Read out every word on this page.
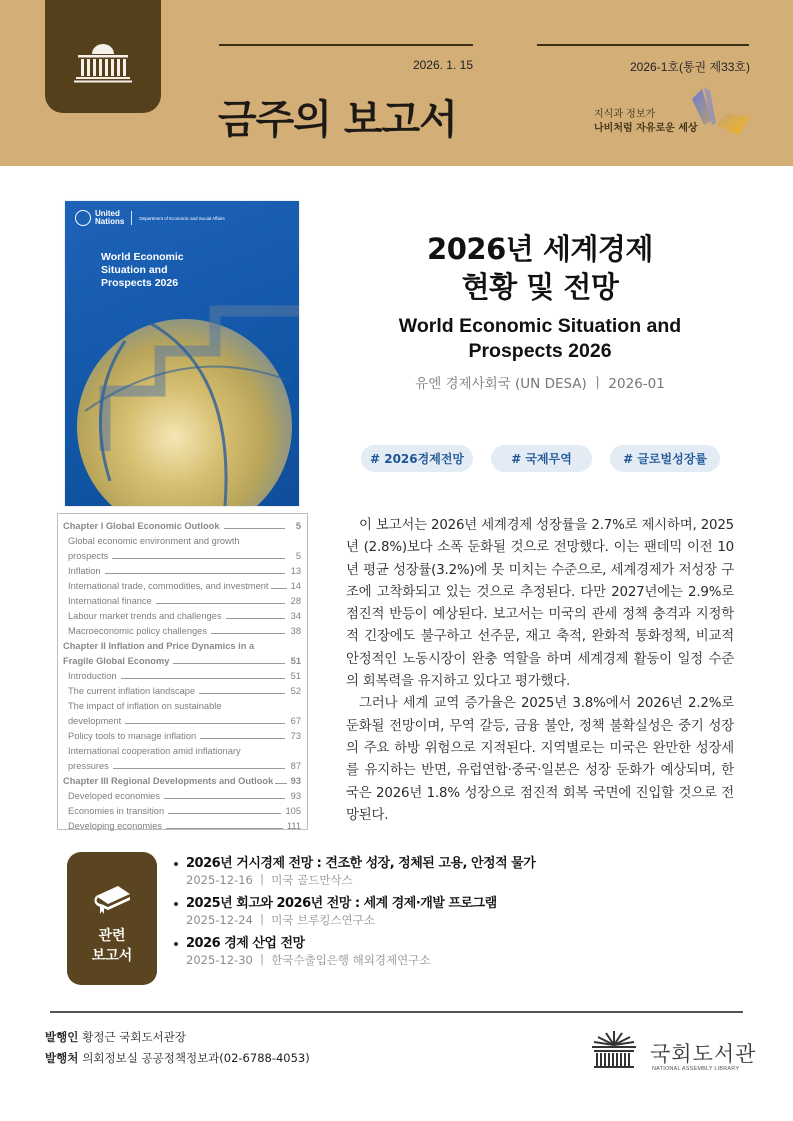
2026. 1. 15	2026-1호(통권 제33호)
금주의 보고서	지식과 정보가
나비처럼 자유로운 세상
United
Nations	Department of Economic and Social Affairs
World Economic
Situation and
Prospects 2026
Chapter I Global Economic Outlook	5
Global economic environment and growth
prospects	5
Inflation	13
International trade, commodities, and investment 14
International finance	28
Labour market trends and challenges	34
Macroeconomic policy challenges	38
Chapter II Inflation and Price Dynamics in a
Fragile Global Economy	51
Introduction	51
The current inflation landscape	52
The impact of inflation on sustainable
development	67
Policy tools to manage inflation	73
International cooperation amid inflationary
pressures	87
Chapter III Regional Developments and Outlook 93
Developed economies	93
Economies in transition	105
Developing economies	111
2026년 세계경제
현황 및 전망
World Economic Situation and
Prospects 2026
유엔 경제사회국 (UN DESA) ㅣ 2026-01
# 2026경제전망	# 국제무역	# 글로벌성장률

이 보고서는 2026년 세계경제 성장률을 2.7%로 제시하며, 2025년 (2.8%)보다 소폭 둔화될 것으로 전망했다. 이는 팬데믹 이전 10년 평균 성장률(3.2%)에 못 미치는 수준으로, 세계경제가 저성장 구조에 고착화되고 있는 것으로 추정된다. 다만 2027년에는 2.9%로 점진적 반등이 예상된다. 보고서는 미국의 관세 정책 충격과 지정학적 긴장에도 불구하고 선주문, 재고 축적, 완화적 통화정책, 비교적 안정적인 노동시장이 완충 역할을 하며 세계경제 활동이 일정 수준의 회복력을 유지하고 있다고 평가했다.

그러나 세계 교역 증가율은 2025년 3.8%에서 2026년 2.2%로 둔화될 전망이며, 무역 갈등, 금융 불안, 정책 불확실성은 중기 성장의 주요 하방 위험으로 지적된다. 지역별로는 미국은 완만한 성장세를 유지하는 반면, 유럽연합·중국·일본은 성장 둔화가 예상되며, 한국은 2026년 1.8% 성장으로 점진적 회복 국면에 진입할 것으로 전망된다.

관련
보고서
2026년 거시경제 전망 : 견조한 성장, 정체된 고용, 안정적 물가
2025-12-16 ㅣ 미국 골드만삭스
2025년 회고와 2026년 전망 : 세계 경제·개발 프로그램
2025-12-24 ㅣ 미국 브루킹스연구소
2026 경제 산업 전망
2025-12-30 ㅣ 한국수출입은행 해외경제연구소
발행인 황정근 국회도서관장
발행처 의회정보실 공공정책정보과(02-6788-4053)	국회도서관
NATIONAL ASSEMBLY LIBRARY
